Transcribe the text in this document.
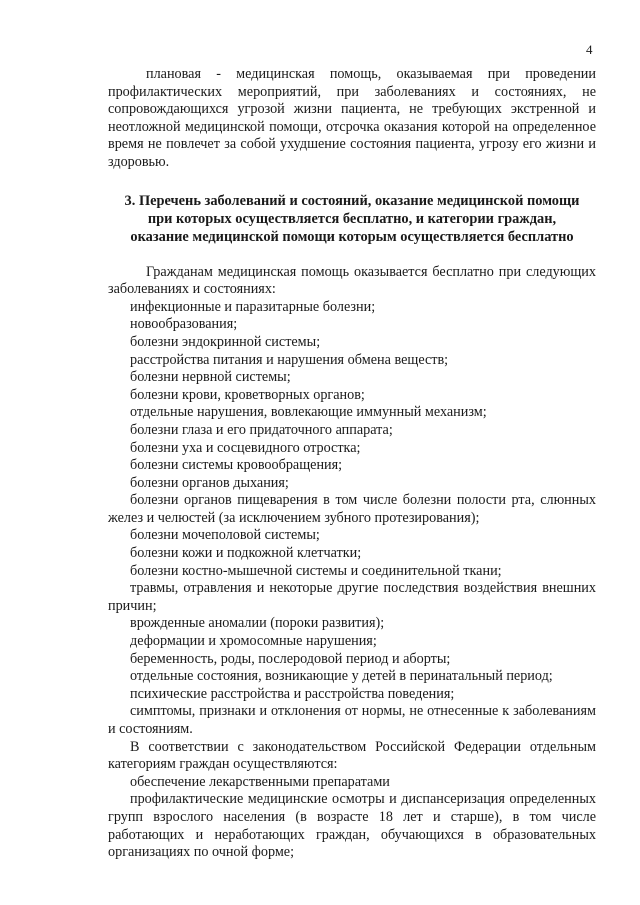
4

плановая - медицинская помощь, оказываемая при проведении профилактических мероприятий, при заболеваниях и состояниях, не сопровождающихся угрозой жизни пациента, не требующих экстренной и неотложной медицинской помощи, отсрочка оказания которой на определенное время не повлечет за собой ухудшение состояния пациента, угрозу его жизни и здоровью.

3. Перечень заболеваний и состояний, оказание медицинской помощи
при которых осуществляется бесплатно, и категории граждан,
оказание медицинской помощи которым осуществляется бесплатно

Гражданам медицинская помощь оказывается бесплатно при следующих заболеваниях и состояниях:

инфекционные и паразитарные болезни;

новообразования;

болезни эндокринной системы;

расстройства питания и нарушения обмена веществ;

болезни нервной системы;

болезни крови, кроветворных органов;

отдельные нарушения, вовлекающие иммунный механизм;

болезни глаза и его придаточного аппарата;

болезни уха и сосцевидного отростка;

болезни системы кровообращения;

болезни органов дыхания;

болезни органов пищеварения в том числе болезни полости рта, слюнных желез и челюстей (за исключением зубного протезирования);

болезни мочеполовой системы;

болезни кожи и подкожной клетчатки;

болезни костно-мышечной системы и соединительной ткани;

травмы, отравления и некоторые другие последствия воздействия внешних причин;

врожденные аномалии (пороки развития);

деформации и хромосомные нарушения;

беременность, роды, послеродовой период и аборты;

отдельные состояния, возникающие у детей в перинатальный период;

психические расстройства и расстройства поведения;

симптомы, признаки и отклонения от нормы, не отнесенные к заболеваниям и состояниям.

В соответствии с законодательством Российской Федерации отдельным категориям граждан осуществляются:

обеспечение лекарственными препаратами

профилактические медицинские осмотры и диспансеризация определенных групп взрослого населения (в возрасте 18 лет и старше), в том числе работающих и неработающих граждан, обучающихся в образовательных организациях по очной форме;
